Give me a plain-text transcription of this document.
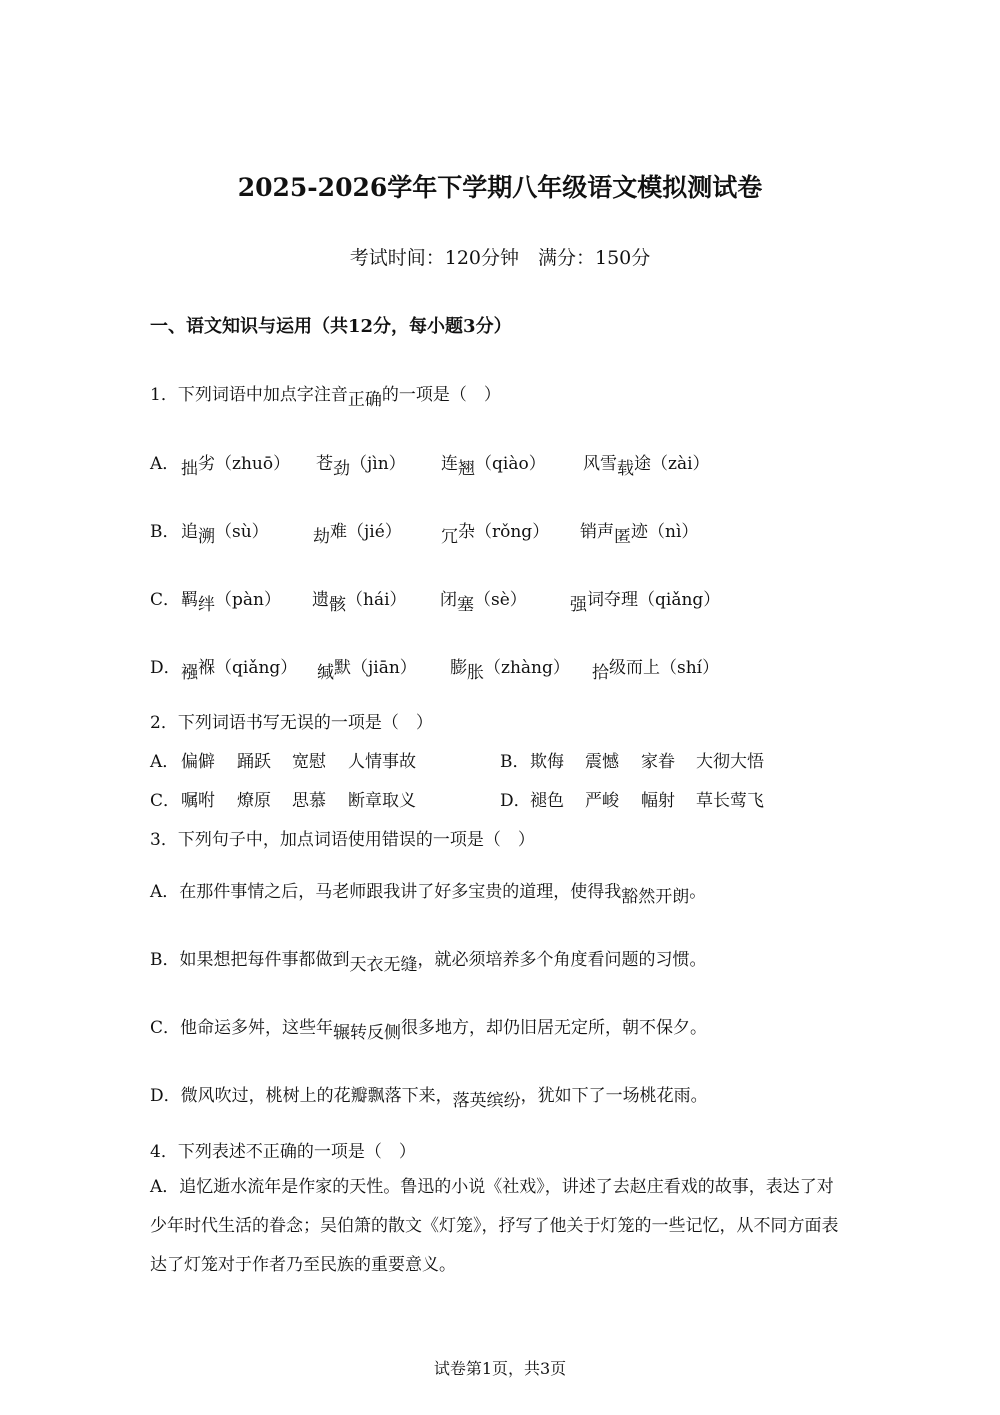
2025-2026学年下学期八年级语文模拟测试卷
考试时间：120分钟　满分：150分
一、语文知识与运用（共12分，每小题3分）
1．下列词语中加点字注音正确的一项是（　）
A． 拙劣（zhuō） 苍劲（jìn） 连翘（qiào） 风雪载途（zài）
B． 追溯（sù）	劫难（jié） 冗杂（rǒng） 销声匿迹（nì）
C． 羁绊（pàn） 遗骸（hái） 闭塞（sè）	强词夺理（qiǎng）
D． 襁褓（qiǎng） 缄默（jiān） 膨胀（zhàng） 拾级而上（shí）
2．下列词语书写无误的一项是（　）
A． 偏僻 踊跃 宽慰 人情事故	B． 欺侮 震憾 家眷 大彻大悟
C． 嘱咐 燎原 思慕 断章取义	D． 褪色 严峻 幅射 草长莺飞
3．下列句子中，加点词语使用错误的一项是（　）
A．在那件事情之后，马老师跟我讲了好多宝贵的道理，使得我豁然开朗。
B．如果想把每件事都做到天衣无缝，就必须培养多个角度看问题的习惯。
C．他命运多舛，这些年辗转反侧很多地方，却仍旧居无定所，朝不保夕。
D．微风吹过，桃树上的花瓣飘落下来，落英缤纷，犹如下了一场桃花雨。
4．下列表述不正确的一项是（　）
A．追忆逝水流年是作家的天性。鲁迅的小说《社戏》，讲述了去赵庄看戏的故事，表达了对少年时代生活的眷念；吴伯箫的散文《灯笼》，抒写了他关于灯笼的一些记忆，从不同方面表达了灯笼对于作者乃至民族的重要意义。
试卷第1页，共3页
